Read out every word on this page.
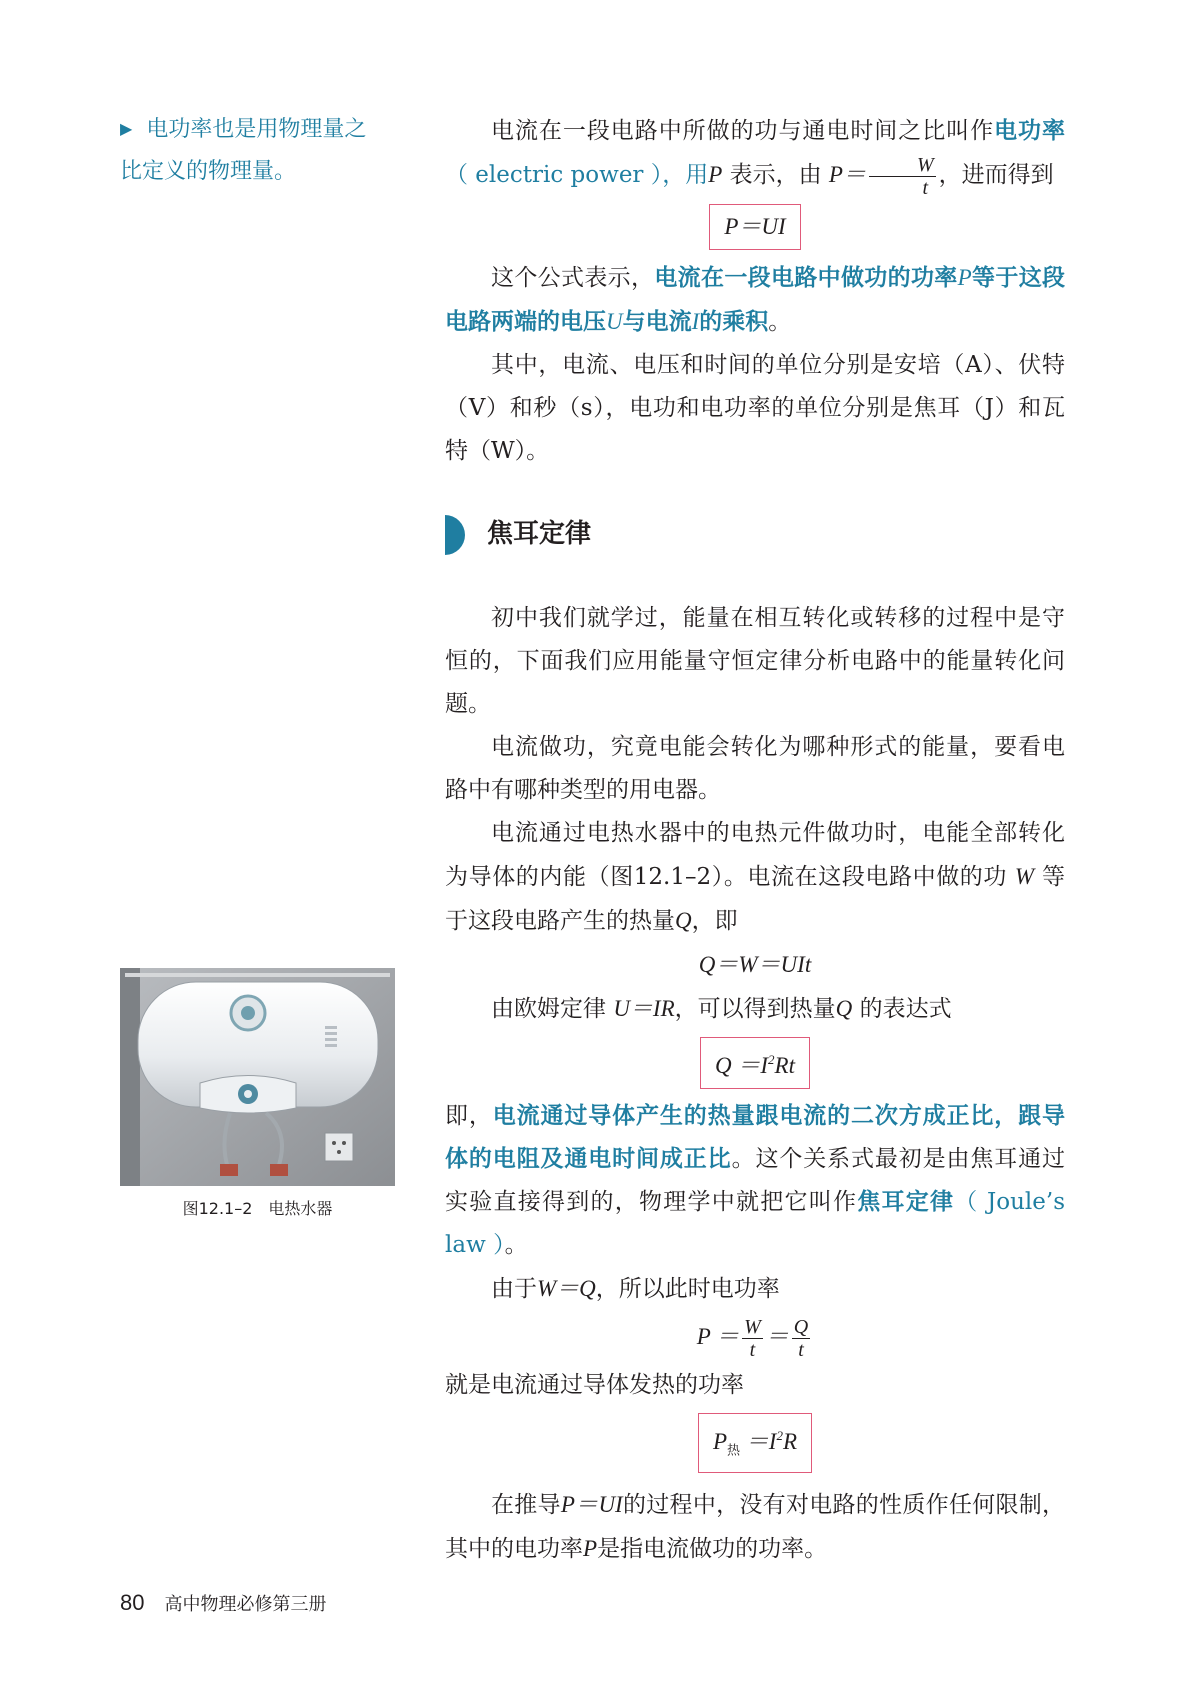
▶ 电功率也是用物理量之
比定义的物理量。

电流在一段电路中所做的功与通电时间之比叫作电功率（ electric power ），用P 表示，由 $P= \frac{W}{t}$ ，进而得到

P＝UI

这个公式表示，电流在一段电路中做功的功率P等于这段电路两端的电压U与电流I的乘积。

其中，电流、电压和时间的单位分别是安培（A）、伏特（V）和秒（s），电功和电功率的单位分别是焦耳（J）和瓦特（W）。

焦耳定律

初中我们就学过，能量在相互转化或转移的过程中是守恒的，下面我们应用能量守恒定律分析电路中的能量转化问题。

电流做功，究竟电能会转化为哪种形式的能量，要看电路中有哪种类型的用电器。

电流通过电热水器中的电热元件做功时，电能全部转化为导体的内能（图12.1–2）。电流在这段电路中做的功 W 等于这段电路产生的热量Q，即

Q＝W＝UIt

由欧姆定律 U＝IR，可以得到热量Q 的表达式

$Q =I^2Rt$

即，电流通过导体产生的热量跟电流的二次方成正比，跟导体的电阻及通电时间成正比。这个关系式最初是由焦耳通过实验直接得到的，物理学中就把它叫作焦耳定律（ Joule’s law ）。

由于W＝Q，所以此时电功率

$P = \frac{W}{t} = \frac{Q}{t}$

就是电流通过导体发热的功率

$P_热 =I^2R$

在推导P＝UI的过程中，没有对电路的性质作任何限制，其中的电功率P是指电流做功的功率。

图12.1–2　电热水器
80 高中物理必修第三册
